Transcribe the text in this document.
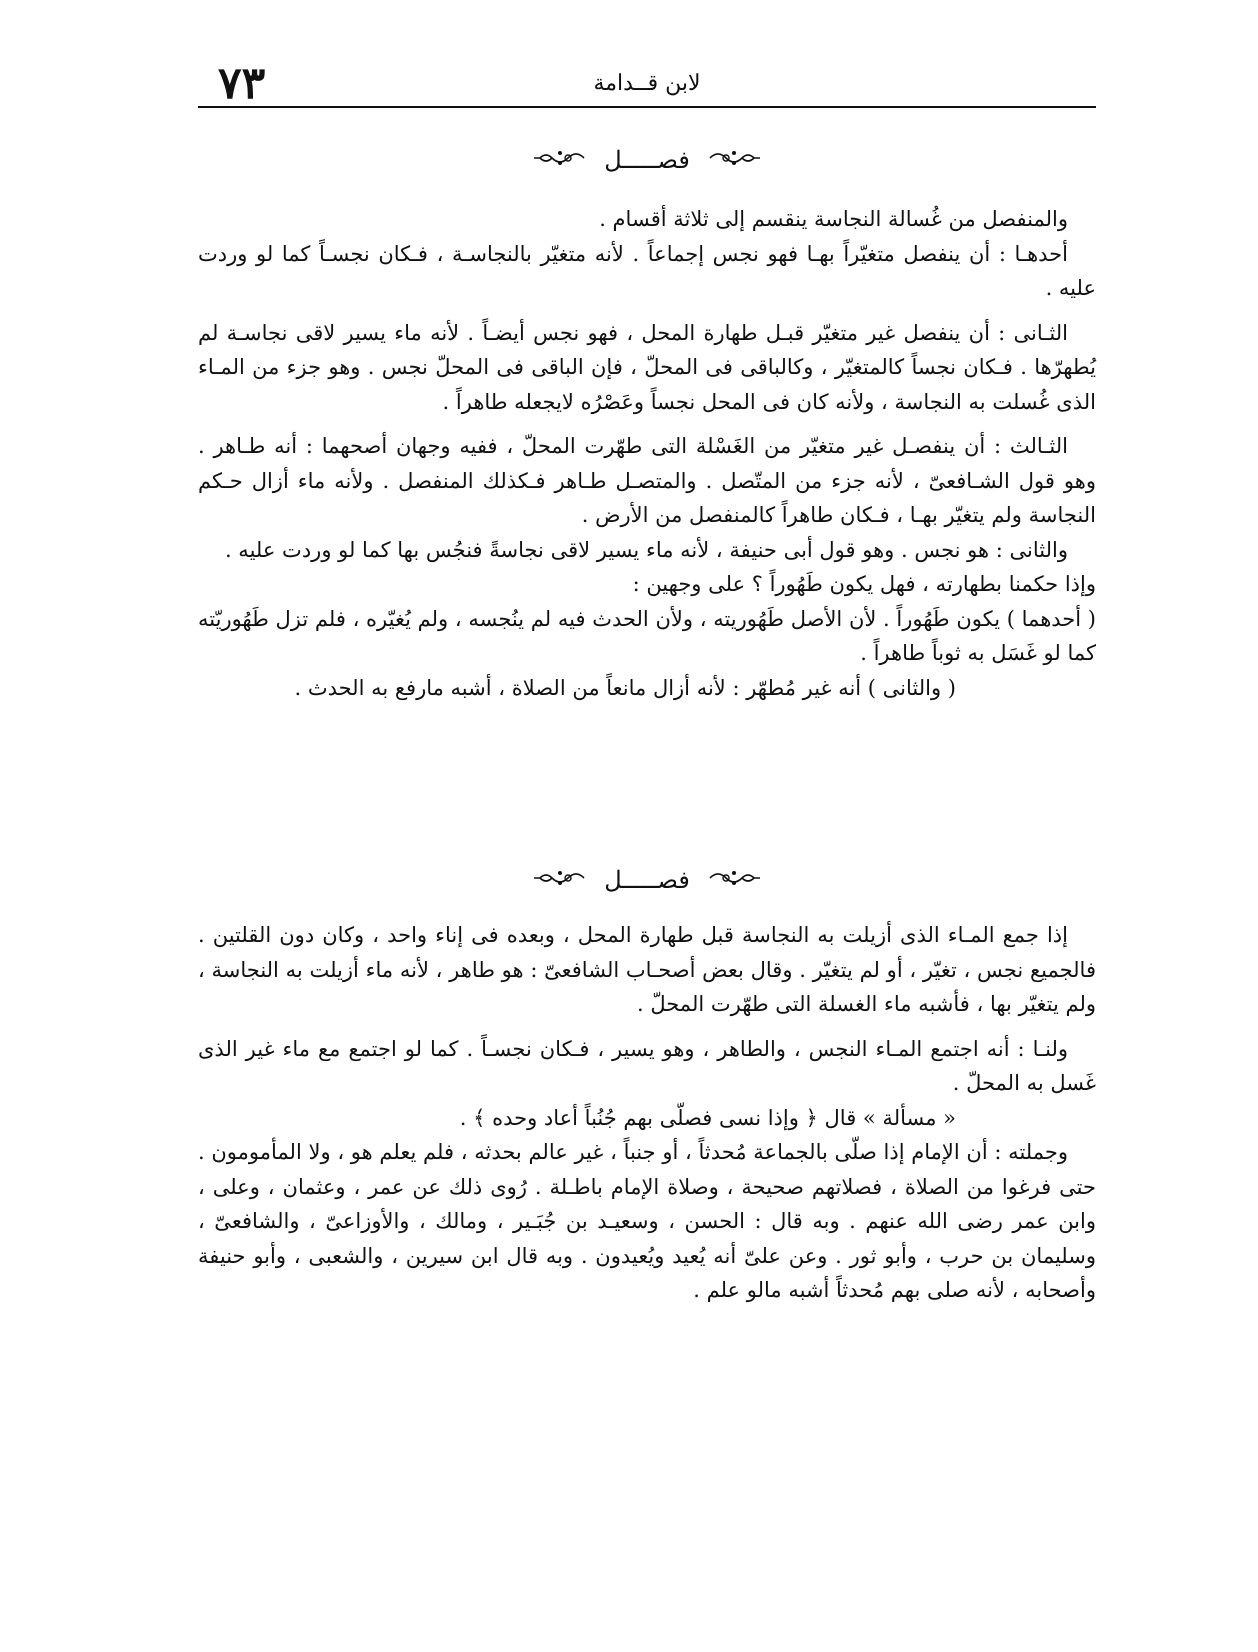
٧٣	لابن قــدامة
فصـــــل

والمنفصل من غُسالة النجاسة ينقسم إلى ثلاثة أقسام .

أحدهـا : أن ينفصل متغيّراً بهـا فهو نجس إجماعاً . لأنه متغيّر بالنجاسـة ، فـكان نجسـاً كما لو وردت عليه .

الثـانى : أن ينفصل غير متغيّر قبـل طهارة المحل ، فهو نجس أيضـاً . لأنه ماء يسير لاقى نجاسـة لم يُطهرّها . فـكان نجساً كالمتغيّر ، وكالباقى فى المحلّ ، فإن الباقى فى المحلّ نجس . وهو جزء من المـاء الذى غُسلت به النجاسة ، ولأنه كان فى المحل نجساً وعَصْرُه لايجعله طاهراً .

الثـالث : أن ينفصـل غير متغيّر من الغَسْلة التى طهّرت المحلّ ، ففيه وجهان أصحهما : أنه طـاهر . وهو قول الشـافعىّ ، لأنه جزء من المتّصل . والمتصـل طـاهر فـكذلك المنفصل . ولأنه ماء أزال حـكم النجاسة ولم يتغيّر بهـا ، فـكان طاهراً كالمنفصل من الأرض .

والثانى : هو نجس . وهو قول أبى حنيفة ، لأنه ماء يسير لاقى نجاسةً فنجُس بها كما لو وردت عليه .

وإذا حكمنا بطهارته ، فهل يكون طَهُوراً ؟ على وجهين :

( أحدهما ) يكون طَهُوراً . لأن الأصل طَهُوريته ، ولأن الحدث فيه لم ينُجسه ، ولم يُغيّره ، فلم تزل طَهُوريّته كما لو غَسَل به ثوباً طاهراً .

( والثانى ) أنه غير مُطهّر : لأنه أزال مانعاً من الصلاة ، أشبه مارفع به الحدث .

فصـــــل

إذا جمع المـاء الذى أزيلت به النجاسة قبل طهارة المحل ، وبعده فى إناء واحد ، وكان دون القلتين . فالجميع نجس ، تغيّر ، أو لم يتغيّر . وقال بعض أصحـاب الشافعىّ : هو طاهر ، لأنه ماء أزيلت به النجاسة ، ولم يتغيّر بها ، فأشبه ماء الغسلة التى طهّرت المحلّ .

ولنـا : أنه اجتمع المـاء النجس ، والطاهر ، وهو يسير ، فـكان نجسـاً . كما لو اجتمع مع ماء غير الذى غَسل به المحلّ .

« مسألة » قال ﴿ وإذا نسى فصلّى بهم جُنُباً أعاد وحده ﴾ .

وجملته : أن الإمام إذا صلّى بالجماعة مُحدثاً ، أو جنباً ، غير عالم بحدثه ، فلم يعلم هو ، ولا المأمومون . حتى فرغوا من الصلاة ، فصلاتهم صحيحة ، وصلاة الإمام باطـلة . رُوى ذلك عن عمر ، وعثمان ، وعلى ، وابن عمر رضى الله عنهم . وبه قال : الحسن ، وسعيـد بن جُبَـير ، ومالك ، والأوزاعىّ ، والشافعىّ ، وسليمان بن حرب ، وأبو ثور . وعن علىّ أنه يُعيد ويُعيدون . وبه قال ابن سيرين ، والشعبى ، وأبو حنيفة وأصحابه ، لأنه صلى بهم مُحدثاً أشبه مالو علم .
